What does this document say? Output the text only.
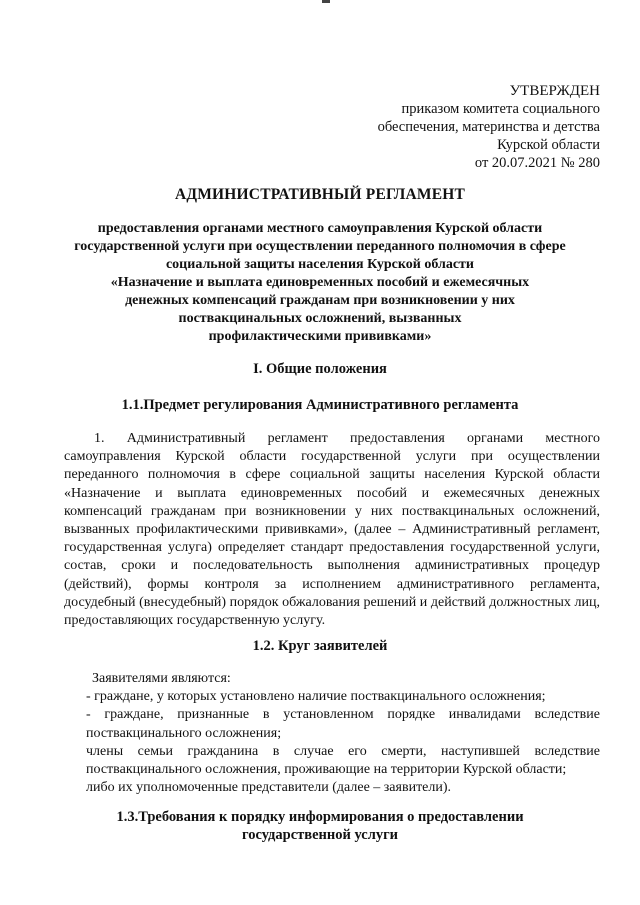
УТВЕРЖДЕН
приказом комитета социального
обеспечения, материнства и детства
Курской области
от 20.07.2021 № 280
АДМИНИСТРАТИВНЫЙ РЕГЛАМЕНТ
предоставления органами местного самоуправления Курской области
государственной услуги при осуществлении переданного полномочия в сфере
социальной защиты населения Курской области
«Назначение и выплата единовременных пособий и ежемесячных
денежных компенсаций гражданам при возникновении у них
поствакцинальных осложнений, вызванных
профилактическими прививками»
I. Общие положения
1.1.Предмет регулирования Административного регламента
1. Административный регламент предоставления органами местного самоуправления Курской области государственной услуги при осуществлении переданного полномочия в сфере социальной защиты населения Курской области «Назначение и выплата единовременных пособий и ежемесячных денежных компенсаций гражданам при возникновении у них поствакцинальных осложнений, вызванных профилактическими прививками», (далее – Административный регламент, государственная услуга) определяет стандарт предоставления государственной услуги, состав, сроки и последовательность выполнения административных процедур (действий), формы контроля за исполнением административного регламента, досудебный (внесудебный) порядок обжалования решений и действий должностных лиц, предоставляющих государственную услугу.
1.2. Круг заявителей
Заявителями являются:
- граждане, у которых установлено наличие поствакцинального осложнения;
- граждане, признанные в установленном порядке инвалидами вследствие поствакцинального осложнения;
члены семьи гражданина в случае его смерти, наступившей вследствие поствакцинального осложнения, проживающие на территории Курской области;
либо их уполномоченные представители (далее – заявители).
1.3.Требования к порядку информирования о предоставлении
государственной услуги
